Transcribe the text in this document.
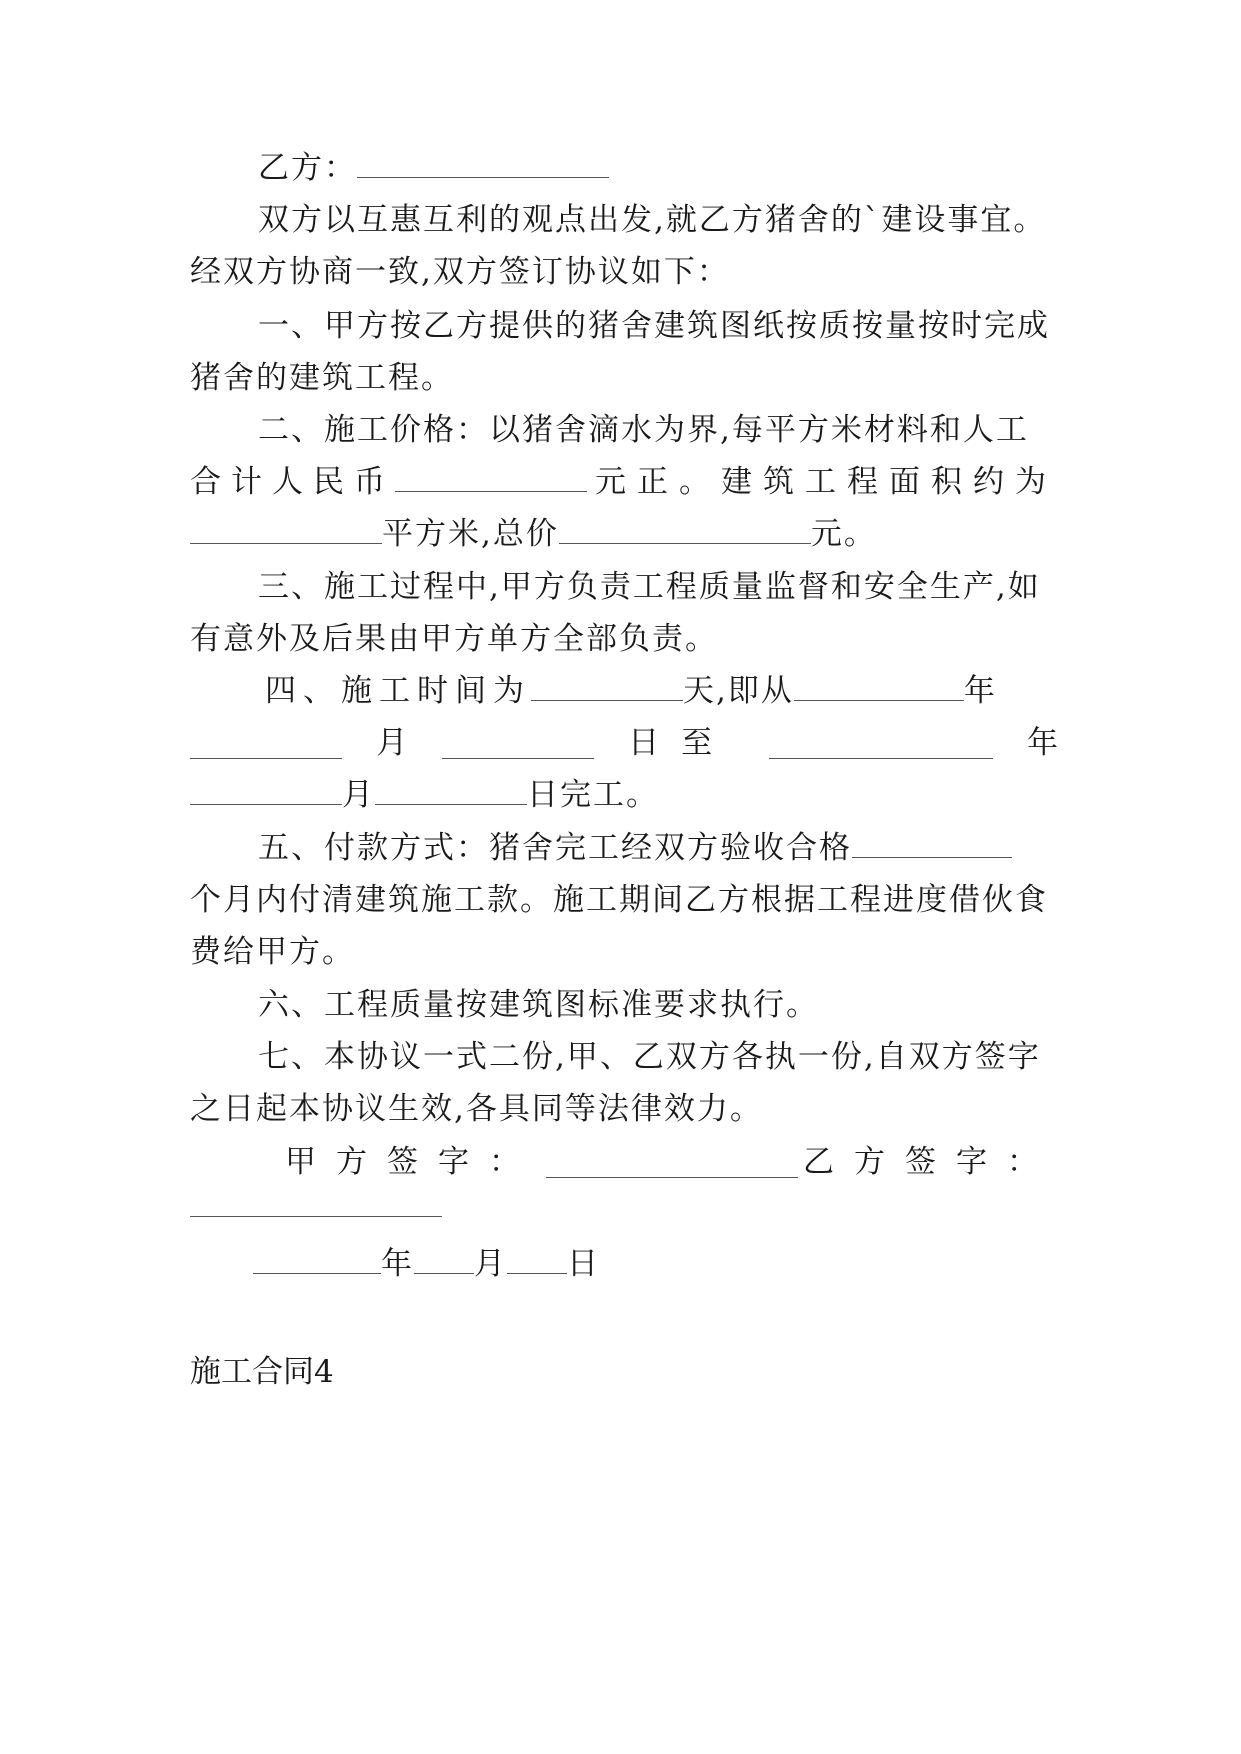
乙方：
双方以互惠互利的观点出发,就乙方猪舍的`建设事宜。
经双方协商一致,双方签订协议如下：
一、甲方按乙方提供的猪舍建筑图纸按质按量按时完成
猪舍的建筑工程。
二、施工价格：以猪舍滴水为界,每平方米材料和人工
合计人民币	元正。建筑工程面积约为
平方米,总价	元。
三、施工过程中,甲方负责工程质量监督和安全生产,如
有意外及后果由甲方单方全部负责。
四、施工时间为	天,即从	年
月	日至	年
月	日完工。
五、付款方式：猪舍完工经双方验收合格
个月内付清建筑施工款。施工期间乙方根据工程进度借伙食
费给甲方。
六、工程质量按建筑图标准要求执行。
七、本协议一式二份,甲、乙双方各执一份,自双方签字
之日起本协议生效,各具同等法律效力。
甲方签字：	乙方签字：
年 月 日
施工合同4
